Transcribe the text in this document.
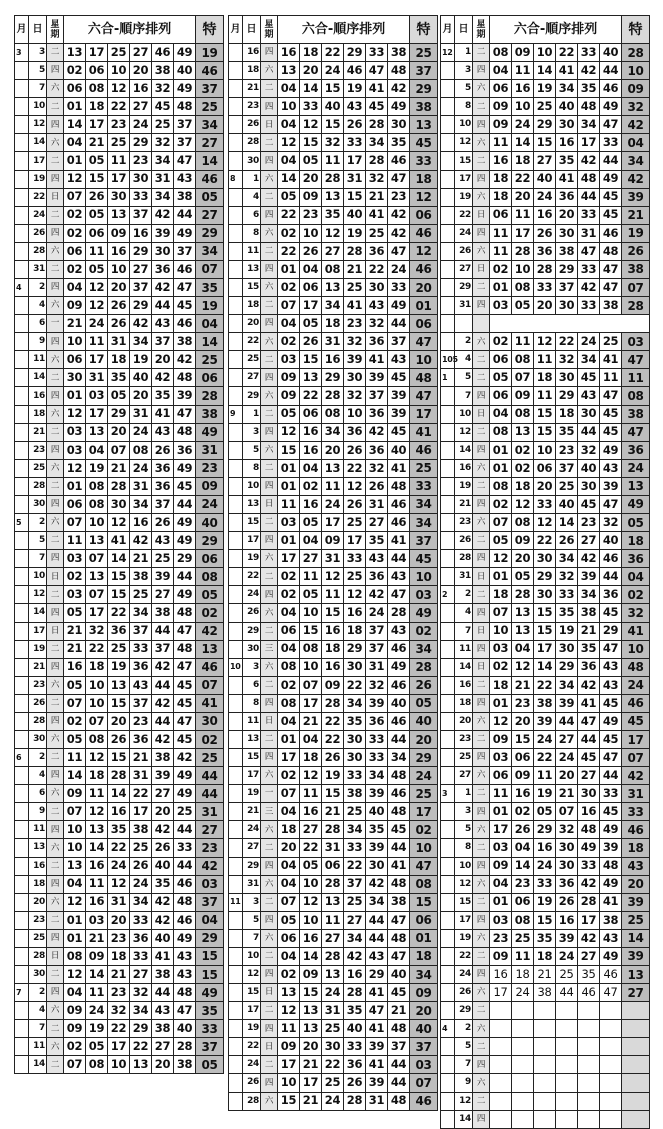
月	日	星期	六合-順序排列						特
3	3	二	13	17	25	27	46	49	19
	5	四	02	06	10	20	38	40	46
	7	六	06	08	12	16	32	49	37
	10	二	01	18	22	27	45	48	25
	12	四	14	17	23	24	25	37	34
	14	六	04	21	25	29	32	37	27
	17	二	01	05	11	23	34	47	14
	19	四	12	15	17	30	31	43	46
	22	日	07	26	30	33	34	38	05
	24	二	02	05	13	37	42	44	27
	26	四	02	06	09	16	39	49	29
	28	六	06	11	16	29	30	37	34
	31	二	02	05	10	27	36	46	07
4	2	四	04	12	20	37	42	47	35
	4	六	09	12	26	29	44	45	19
	6	一	21	24	26	42	43	46	04
	9	四	10	11	31	34	37	38	14
	11	六	06	17	18	19	20	42	25
	14	二	30	31	35	40	42	48	06
	16	四	01	03	05	20	35	39	28
	18	六	12	17	29	31	41	47	38
	21	二	03	13	20	24	43	48	49
	23	四	03	04	07	08	26	36	31
	25	六	12	19	21	24	36	49	23
	28	二	01	08	28	31	36	45	09
	30	四	06	08	30	34	37	44	24
5	2	六	07	10	12	16	26	49	40
	5	二	11	13	41	42	43	49	29
	7	四	03	07	14	21	25	29	06
	10	日	02	13	15	38	39	44	08
	12	二	03	07	15	25	27	49	05
	14	四	05	17	22	34	38	48	02
	17	日	21	32	36	37	44	47	42
	19	二	21	22	25	33	37	48	13
	21	四	16	18	19	36	42	47	46
	23	六	05	10	13	43	44	45	07
	26	二	07	10	15	37	42	45	41
	28	四	02	07	20	23	44	47	30
	30	六	05	08	26	36	42	45	02
6	2	二	11	12	15	21	38	42	25
	4	四	14	18	28	31	39	49	44
	6	六	09	11	14	22	27	49	44
	9	二	07	12	16	17	20	25	31
	11	四	10	13	35	38	42	44	27
	13	六	10	14	22	25	26	33	23
	16	二	13	16	24	26	40	44	42
	18	四	04	11	12	24	35	46	03
	20	六	12	16	31	34	42	48	37
	23	二	01	03	20	33	42	46	04
	25	四	01	21	23	36	40	49	29
	28	日	08	09	18	33	41	43	15
	30	二	12	14	21	27	38	43	15
7	2	四	04	11	23	32	44	48	49
	4	六	09	24	32	34	43	47	35
	7	二	09	19	22	29	38	40	33
	11	六	02	05	17	22	27	28	37
	14	二	07	08	10	13	20	38	05
月	日	星期	六合-順序排列						特
	16	四	16	18	22	29	33	38	25
	18	六	13	20	24	46	47	48	37
	21	二	04	14	15	19	41	42	29
	23	四	10	33	40	43	45	49	38
	26	日	04	12	15	26	28	30	13
	28	二	12	15	32	33	34	35	45
	30	四	04	05	11	17	28	46	33
8	1	六	14	20	28	31	32	47	18
	4	二	05	09	13	15	21	23	12
	6	四	22	23	35	40	41	42	06
	8	六	02	10	12	19	25	42	46
	11	二	22	26	27	28	36	47	12
	13	四	01	04	08	21	22	24	46
	15	六	02	06	13	25	30	33	20
	18	二	07	17	34	41	43	49	01
	20	四	04	05	18	23	32	44	06
	22	六	02	26	31	32	36	37	47
	25	二	03	15	16	39	41	43	10
	27	四	09	13	29	30	39	45	48
	29	六	09	22	28	32	37	39	47
9	1	二	05	06	08	10	36	39	17
	3	四	12	16	34	36	42	45	41
	5	六	15	16	20	26	36	40	46
	8	二	01	04	13	22	32	41	25
	10	四	01	02	11	12	26	48	33
	13	日	11	16	24	26	31	46	34
	15	二	03	05	17	25	27	46	34
	17	四	01	04	09	17	35	41	37
	19	六	17	27	31	33	43	44	45
	22	二	02	11	12	25	36	43	10
	24	四	02	05	11	12	42	47	03
	26	六	04	10	15	16	24	28	49
	29	二	06	15	16	18	37	43	02
	30	三	04	08	18	29	37	46	34
10	3	六	08	10	16	30	31	49	28
	6	二	02	07	09	22	32	46	26
	8	四	08	17	28	34	39	40	05
	11	日	04	21	22	35	36	46	40
	13	二	01	04	22	30	33	44	20
	15	四	17	18	26	30	33	34	29
	17	六	02	12	19	33	34	48	24
	19	一	07	11	15	38	39	46	25
	21	三	04	16	21	25	40	48	17
	24	六	18	27	28	34	35	45	02
	27	二	20	22	31	33	39	44	10
	29	四	04	05	06	22	30	41	47
	31	六	04	10	28	37	42	48	08
11	3	二	07	12	13	25	34	38	15
	5	四	05	10	11	27	44	47	06
	7	六	06	16	27	34	44	48	01
	10	二	04	14	28	42	43	47	18
	12	四	02	09	13	16	29	40	34
	15	日	13	15	24	28	41	45	09
	17	二	12	13	31	35	47	21	20
	19	四	11	13	25	40	41	48	40
	22	日	09	20	30	33	39	37	37
	24	二	17	21	22	36	41	44	03
	26	四	10	17	25	26	39	44	07
	28	六	15	21	24	28	31	48	46
月	日	星期	六合-順序排列						特
12	1	二	08	09	10	22	33	40	28
	3	四	04	11	14	41	42	44	10
	5	六	06	16	19	34	35	46	09
	8	二	09	10	25	40	48	49	32
	10	四	09	24	29	30	34	47	42
	12	六	11	14	15	16	17	33	04
	15	二	16	18	27	35	42	44	34
	17	四	18	22	40	41	48	49	42
	19	六	18	20	24	36	44	45	39
	22	日	06	11	16	20	33	45	21
	24	四	11	17	26	30	31	46	19
	26	六	11	28	36	38	47	48	26
	27	日	02	10	28	29	33	47	38
	29	二	01	08	33	37	42	47	07
	31	四	03	05	20	30	33	38	28

	2	六	02	11	12	22	24	25	03
105	4	二	06	08	11	32	34	41	47
1	5	二	05	07	18	30	45	11	11
	7	四	06	09	11	29	43	47	08
	10	日	04	08	15	18	30	45	38
	12	二	08	13	15	35	44	45	47
	14	四	01	02	10	23	32	49	36
	16	六	01	02	06	37	40	43	24
	19	二	08	18	20	25	30	39	13
	21	四	02	12	33	40	45	47	49
	23	六	07	08	12	14	23	32	05
	26	二	05	09	22	26	27	40	18
	28	四	12	20	30	34	42	46	36
	31	日	01	05	29	32	39	44	04
2	2	二	18	28	30	33	34	36	02
	4	四	07	13	15	35	38	45	32
	7	日	10	13	15	19	21	29	41
	11	四	03	04	17	30	35	47	10
	14	日	02	12	14	29	36	43	48
	16	二	18	21	22	34	42	43	24
	18	四	01	23	38	39	41	45	46
	20	六	12	20	39	44	47	49	45
	23	二	09	15	24	27	44	45	17
	25	四	03	06	22	24	45	47	07
	27	六	06	09	11	20	27	44	42
3	1	二	11	16	19	21	30	33	31
	3	四	01	02	05	07	16	45	33
	5	六	17	26	29	32	48	49	46
	8	二	03	04	16	30	49	39	18
	10	四	09	14	24	30	33	48	43
	12	六	04	23	33	36	42	49	20
	15	二	01	06	19	26	28	41	39
	17	四	03	08	15	16	17	38	25
	19	六	23	25	35	39	42	43	14
	22	二	09	11	18	24	27	49	39
	24	四	16	18	21	25	35	46	13
	26	六	17	24	38	44	46	47	27
	29	二							
4	2	六							
	5	二							
	7	四							
	9	六							
	12	二							
	14	四							
